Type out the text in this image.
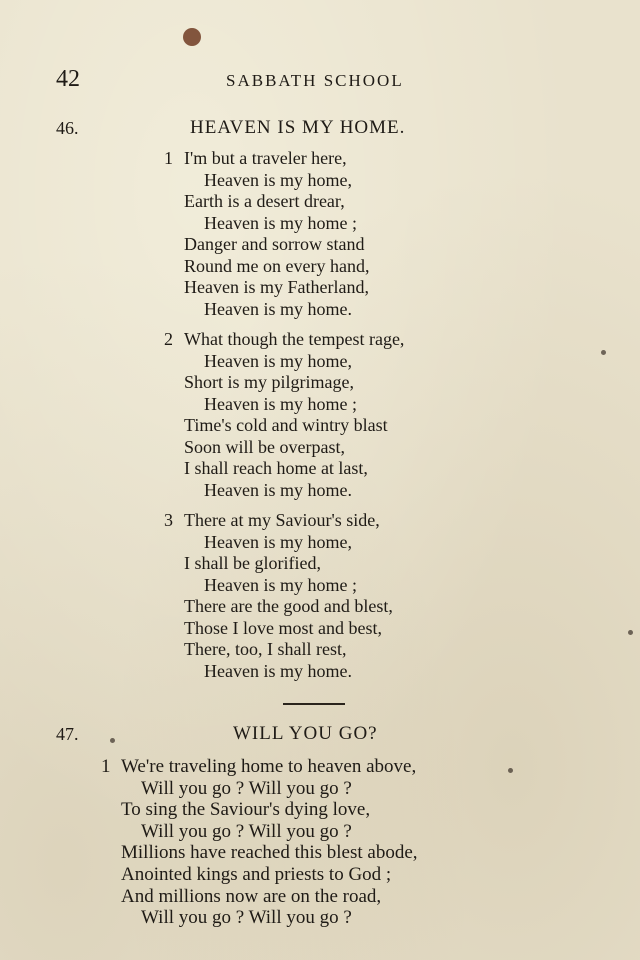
42	SABBATH SCHOOL
46.	HEAVEN IS MY HOME.
1 I'm but a traveler here,
Heaven is my home,
Earth is a desert drear,
Heaven is my home ;
Danger and sorrow stand
Round me on every hand,
Heaven is my Fatherland,
Heaven is my home.
2 What though the tempest rage,
Heaven is my home,
Short is my pilgrimage,
Heaven is my home ;
Time's cold and wintry blast
Soon will be overpast,
I shall reach home at last,
Heaven is my home.
3 There at my Saviour's side,
Heaven is my home,
I shall be glorified,
Heaven is my home ;
There are the good and blest,
Those I love most and best,
There, too, I shall rest,
Heaven is my home.
47.	WILL YOU GO?
1 We're traveling home to heaven above,
Will you go ? Will you go ?
To sing the Saviour's dying love,
Will you go ? Will you go ?
Millions have reached this blest abode,
Anointed kings and priests to God ;
And millions now are on the road,
Will you go ? Will you go ?
